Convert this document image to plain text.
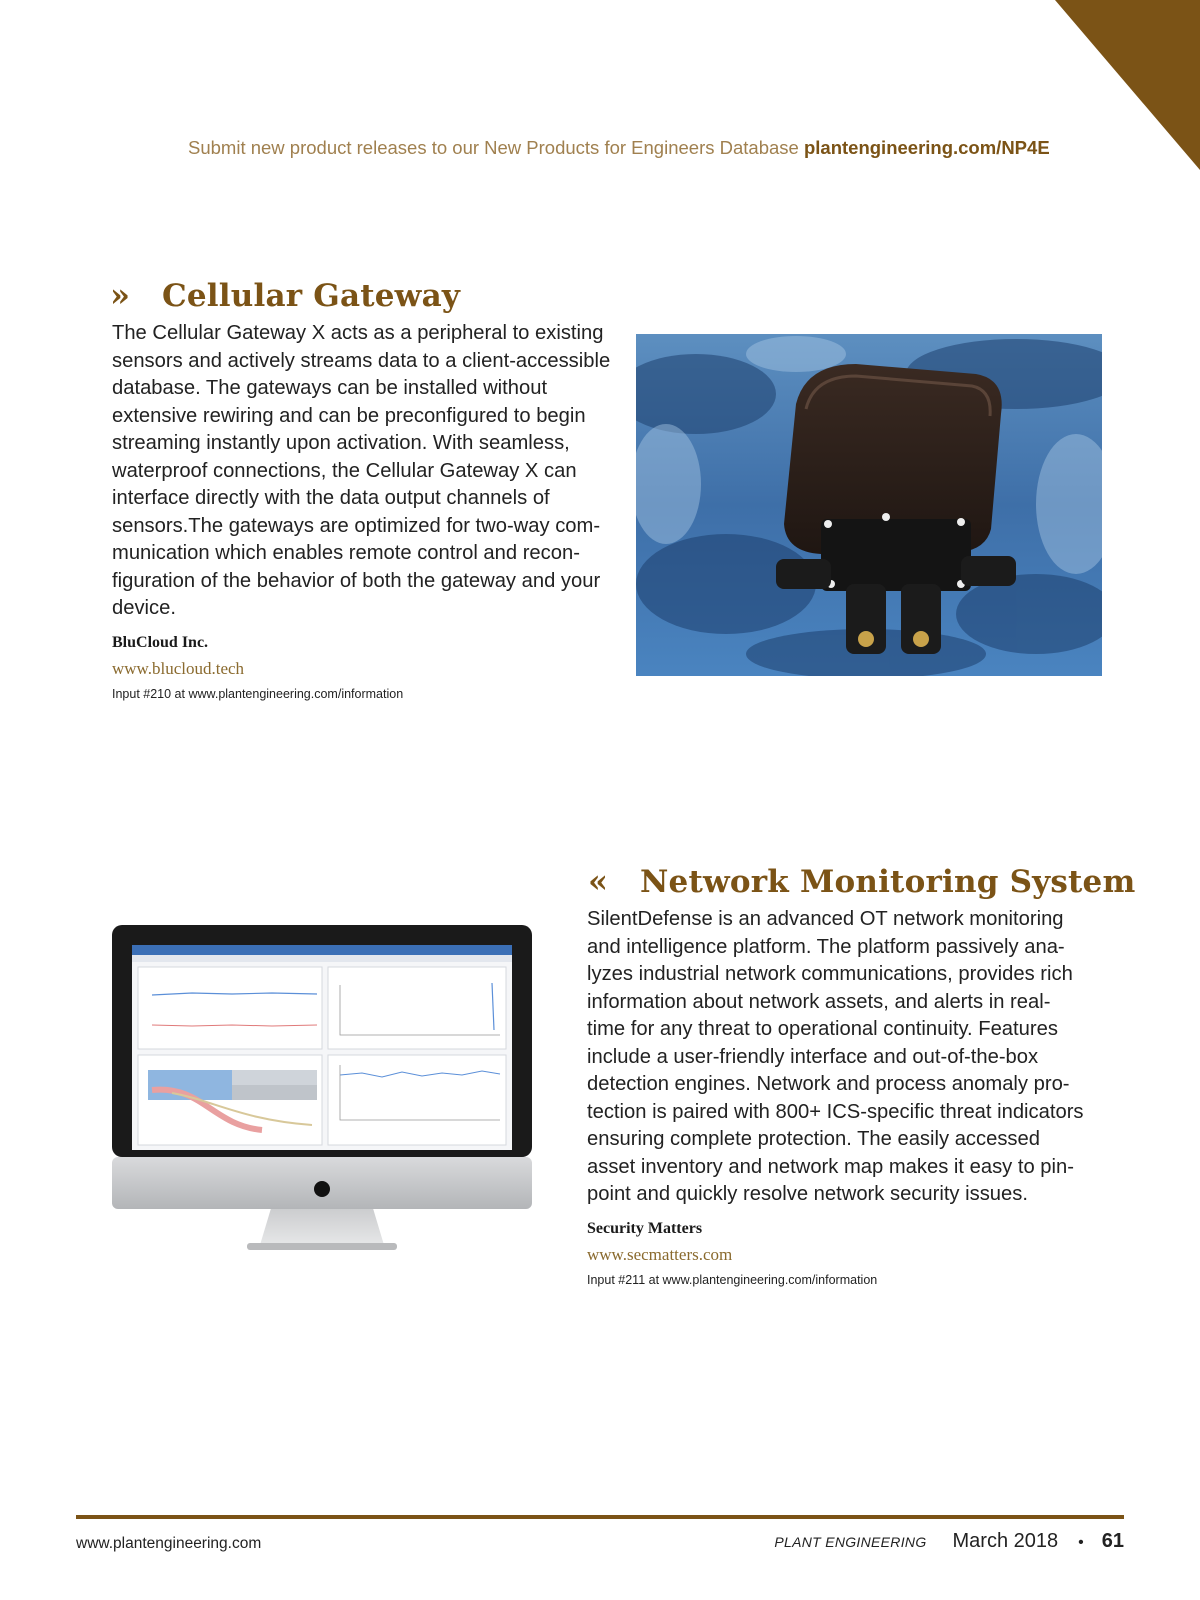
Submit new product releases to our New Products for Engineers Database plantengineering.com/NP4E
» Cellular Gateway
The Cellular Gateway X acts as a peripheral to existing
sensors and actively streams data to a client-accessible
database. The gateways can be installed without
extensive rewiring and can be preconfigured to begin
streaming instantly upon activation. With seamless,
waterproof connections, the Cellular Gateway X can
interface directly with the data output channels of
sensors.The gateways are optimized for two-way com-
munication which enables remote control and recon-
figuration of the behavior of both the gateway and your
device.
BluCloud Inc.
www.blucloud.tech
Input #210 at www.plantengineering.com/information
« Network Monitoring System
SilentDefense is an advanced OT network monitoring
and intelligence platform. The platform passively ana-
lyzes industrial network communications, provides rich
information about network assets, and alerts in real-
time for any threat to operational continuity. Features
include a user-friendly interface and out-of-the-box
detection engines. Network and process anomaly pro-
tection is paired with 800+ ICS-specific threat indicators
ensuring complete protection. The easily accessed
asset inventory and network map makes it easy to pin-
point and quickly resolve network security issues.
Security Matters
www.secmatters.com
Input #211 at www.plantengineering.com/information
www.plantengineering.com	PLANT ENGINEERING March 2018 • 61
